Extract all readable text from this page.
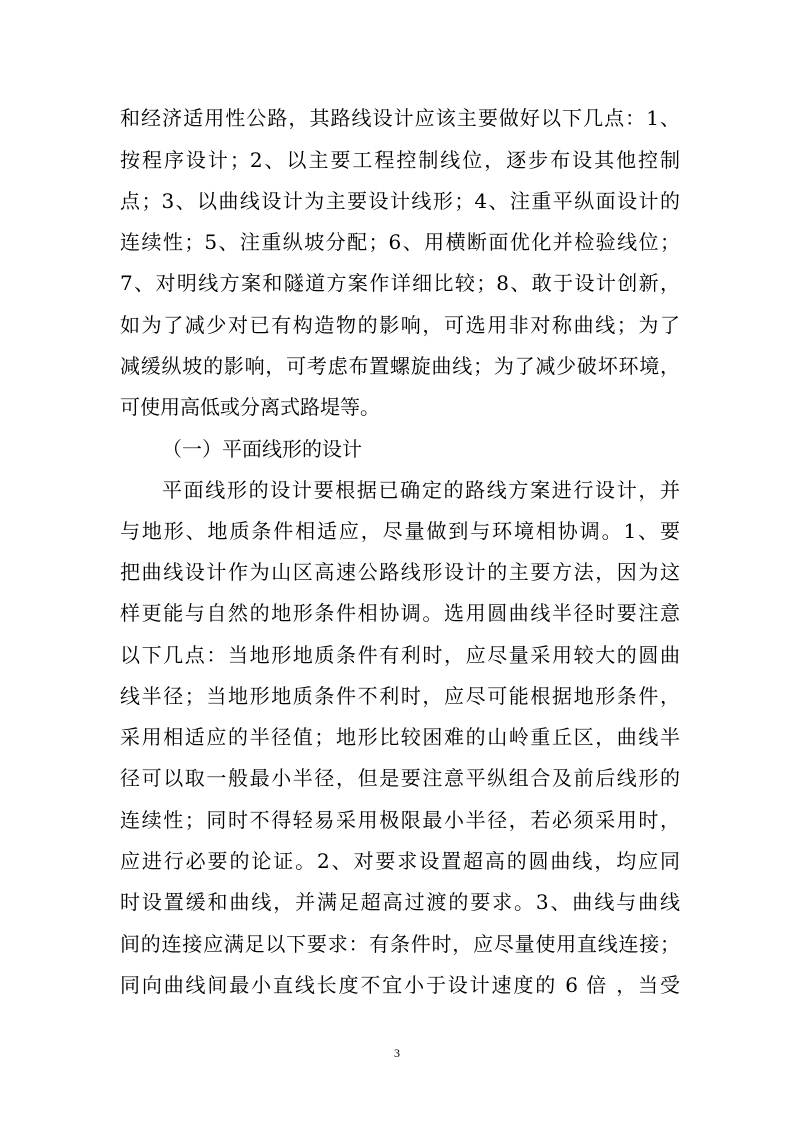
和经济适用性公路，其路线设计应该主要做好以下几点：1、
按程序设计；2、以主要工程控制线位，逐步布设其他控制
点；3、以曲线设计为主要设计线形；4、注重平纵面设计的
连续性；5、注重纵坡分配；6、用横断面优化并检验线位；
7、对明线方案和隧道方案作详细比较；8、敢于设计创新，
如为了减少对已有构造物的影响，可选用非对称曲线；为了
减缓纵坡的影响，可考虑布置螺旋曲线；为了减少破坏环境，
可使用高低或分离式路堤等。
（一）平面线形的设计
平面线形的设计要根据已确定的路线方案进行设计，并
与地形、地质条件相适应，尽量做到与环境相协调。1、要
把曲线设计作为山区高速公路线形设计的主要方法，因为这
样更能与自然的地形条件相协调。选用圆曲线半径时要注意
以下几点：当地形地质条件有利时，应尽量采用较大的圆曲
线半径；当地形地质条件不利时，应尽可能根据地形条件，
采用相适应的半径值；地形比较困难的山岭重丘区，曲线半
径可以取一般最小半径，但是要注意平纵组合及前后线形的
连续性；同时不得轻易采用极限最小半径，若必须采用时，
应进行必要的论证。2、对要求设置超高的圆曲线，均应同
时设置缓和曲线，并满足超高过渡的要求。3、曲线与曲线
间的连接应满足以下要求：有条件时，应尽量使用直线连接；
同向曲线间最小直线长度不宜小于设计速度的 6 倍 ，当受
3
